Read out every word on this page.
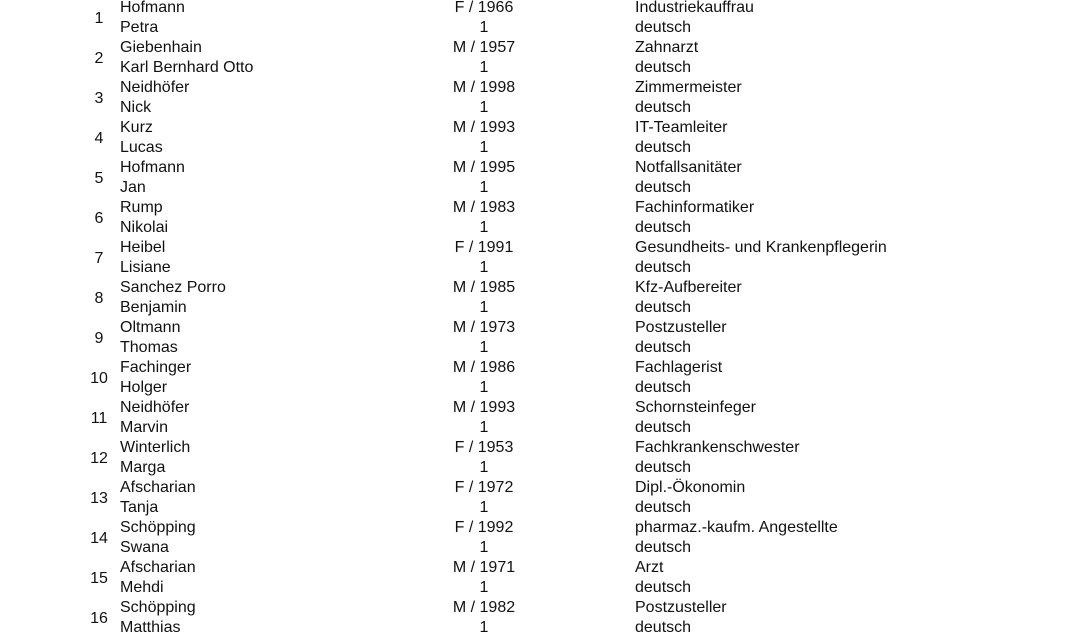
1
Hofmann
Petra
F / 1966
1
Industriekauffrau
deutsch
2
Giebenhain
Karl Bernhard Otto
M / 1957
1
Zahnarzt
deutsch
3
Neidhöfer
Nick
M / 1998
1
Zimmermeister
deutsch
4
Kurz
Lucas
M / 1993
1
IT-Teamleiter
deutsch
5
Hofmann
Jan
M / 1995
1
Notfallsanitäter
deutsch
6
Rump
Nikolai
M / 1983
1
Fachinformatiker
deutsch
7
Heibel
Lisiane
F / 1991
1
Gesundheits- und Krankenpflegerin
deutsch
8
Sanchez Porro
Benjamin
M / 1985
1
Kfz-Aufbereiter
deutsch
9
Oltmann
Thomas
M / 1973
1
Postzusteller
deutsch
10
Fachinger
Holger
M / 1986
1
Fachlagerist
deutsch
11
Neidhöfer
Marvin
M / 1993
1
Schornsteinfeger
deutsch
12
Winterlich
Marga
F / 1953
1
Fachkrankenschwester
deutsch
13
Afscharian
Tanja
F / 1972
1
Dipl.-Ökonomin
deutsch
14
Schöpping
Swana
F / 1992
1
pharmaz.-kaufm. Angestellte
deutsch
15
Afscharian
Mehdi
M / 1971
1
Arzt
deutsch
16
Schöpping
Matthias
M / 1982
1
Postzusteller
deutsch
